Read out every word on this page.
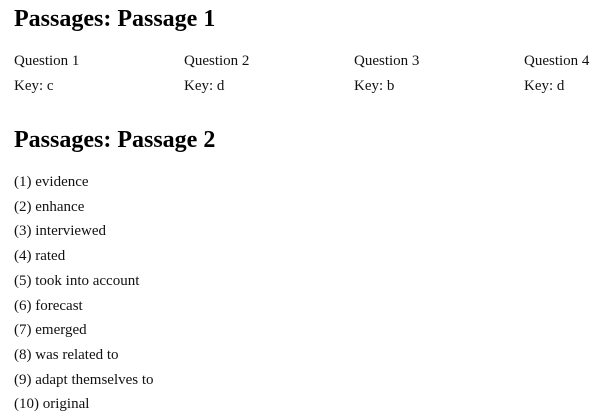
Passages: Passage 1
Question 1
Key: c
Question 2
Key: d
Question 3
Key: b
Question 4
Key: d
Passages: Passage 2
(1) evidence
(2) enhance
(3) interviewed
(4) rated
(5) took into account
(6) forecast
(7) emerged
(8) was related to
(9) adapt themselves to
(10) original
